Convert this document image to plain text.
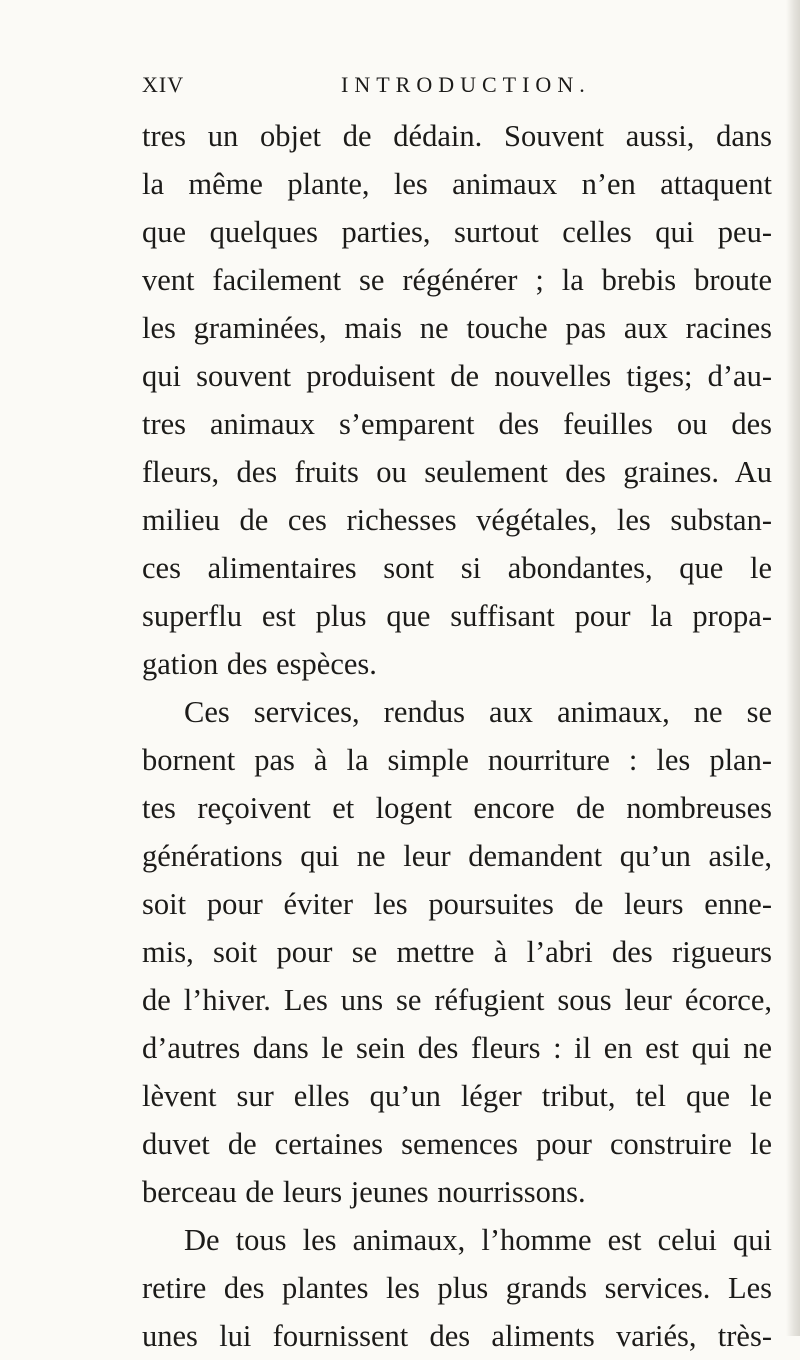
XIV	INTRODUCTION.
tres un objet de dédain. Souvent aussi, dans
la même plante, les animaux n’en attaquent
que quelques parties, surtout celles qui peu-
vent facilement se régénérer ; la brebis broute
les graminées, mais ne touche pas aux racines
qui souvent produisent de nouvelles tiges; d’au-
tres animaux s’emparent des feuilles ou des
fleurs, des fruits ou seulement des graines. Au
milieu de ces richesses végétales, les substan-
ces alimentaires sont si abondantes, que le
superflu est plus que suffisant pour la propa-
gation des espèces.
Ces services, rendus aux animaux, ne se
bornent pas à la simple nourriture : les plan-
tes reçoivent et logent encore de nombreuses
générations qui ne leur demandent qu’un asile,
soit pour éviter les poursuites de leurs enne-
mis, soit pour se mettre à l’abri des rigueurs
de l’hiver. Les uns se réfugient sous leur écorce,
d’autres dans le sein des fleurs : il en est qui ne
lèvent sur elles qu’un léger tribut, tel que le
duvet de certaines semences pour construire le
berceau de leurs jeunes nourrissons.
De tous les animaux, l’homme est celui qui
retire des plantes les plus grands services. Les
unes lui fournissent des aliments variés, très-
